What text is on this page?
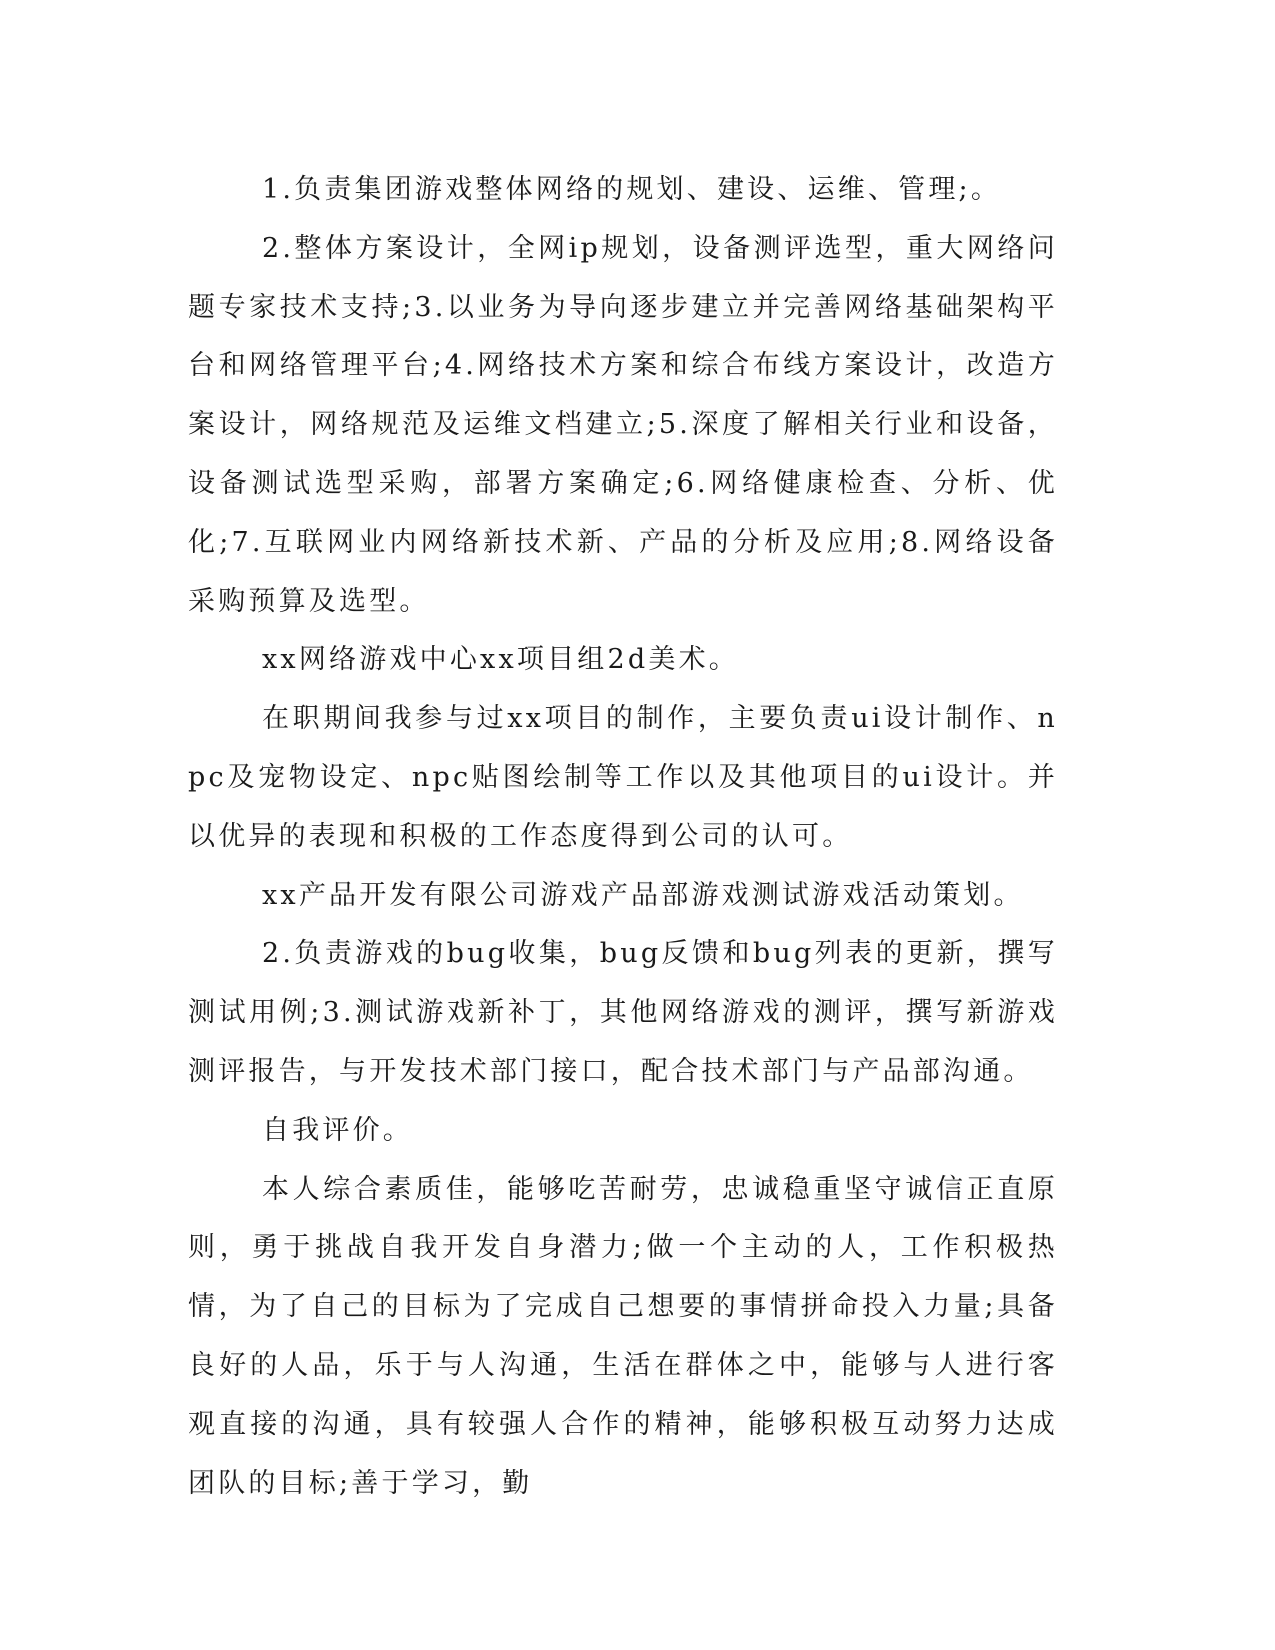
1.负责集团游戏整体网络的规划、建设、运维、管理;。

2.整体方案设计，全网ip规划，设备测评选型，重大网络问题专家技术支持;3.以业务为导向逐步建立并完善网络基础架构平台和网络管理平台;4.网络技术方案和综合布线方案设计，改造方案设计，网络规范及运维文档建立;5.深度了解相关行业和设备，设备测试选型采购，部署方案确定;6.网络健康检查、分析、优化;7.互联网业内网络新技术新、产品的分析及应用;8.网络设备采购预算及选型。

xx网络游戏中心xx项目组2d美术。

在职期间我参与过xx项目的制作，主要负责ui设计制作、npc及宠物设定、npc贴图绘制等工作以及其他项目的ui设计。并以优异的表现和积极的工作态度得到公司的认可。

xx产品开发有限公司游戏产品部游戏测试游戏活动策划。

2.负责游戏的bug收集，bug反馈和bug列表的更新，撰写测试用例;3.测试游戏新补丁，其他网络游戏的测评，撰写新游戏测评报告，与开发技术部门接口，配合技术部门与产品部沟通。

自我评价。

本人综合素质佳，能够吃苦耐劳，忠诚稳重坚守诚信正直原则，勇于挑战自我开发自身潜力;做一个主动的人，工作积极热情，为了自己的目标为了完成自己想要的事情拼命投入力量;具备良好的人品，乐于与人沟通，生活在群体之中，能够与人进行客观直接的沟通，具有较强人合作的精神，能够积极互动努力达成团队的目标;善于学习，勤
